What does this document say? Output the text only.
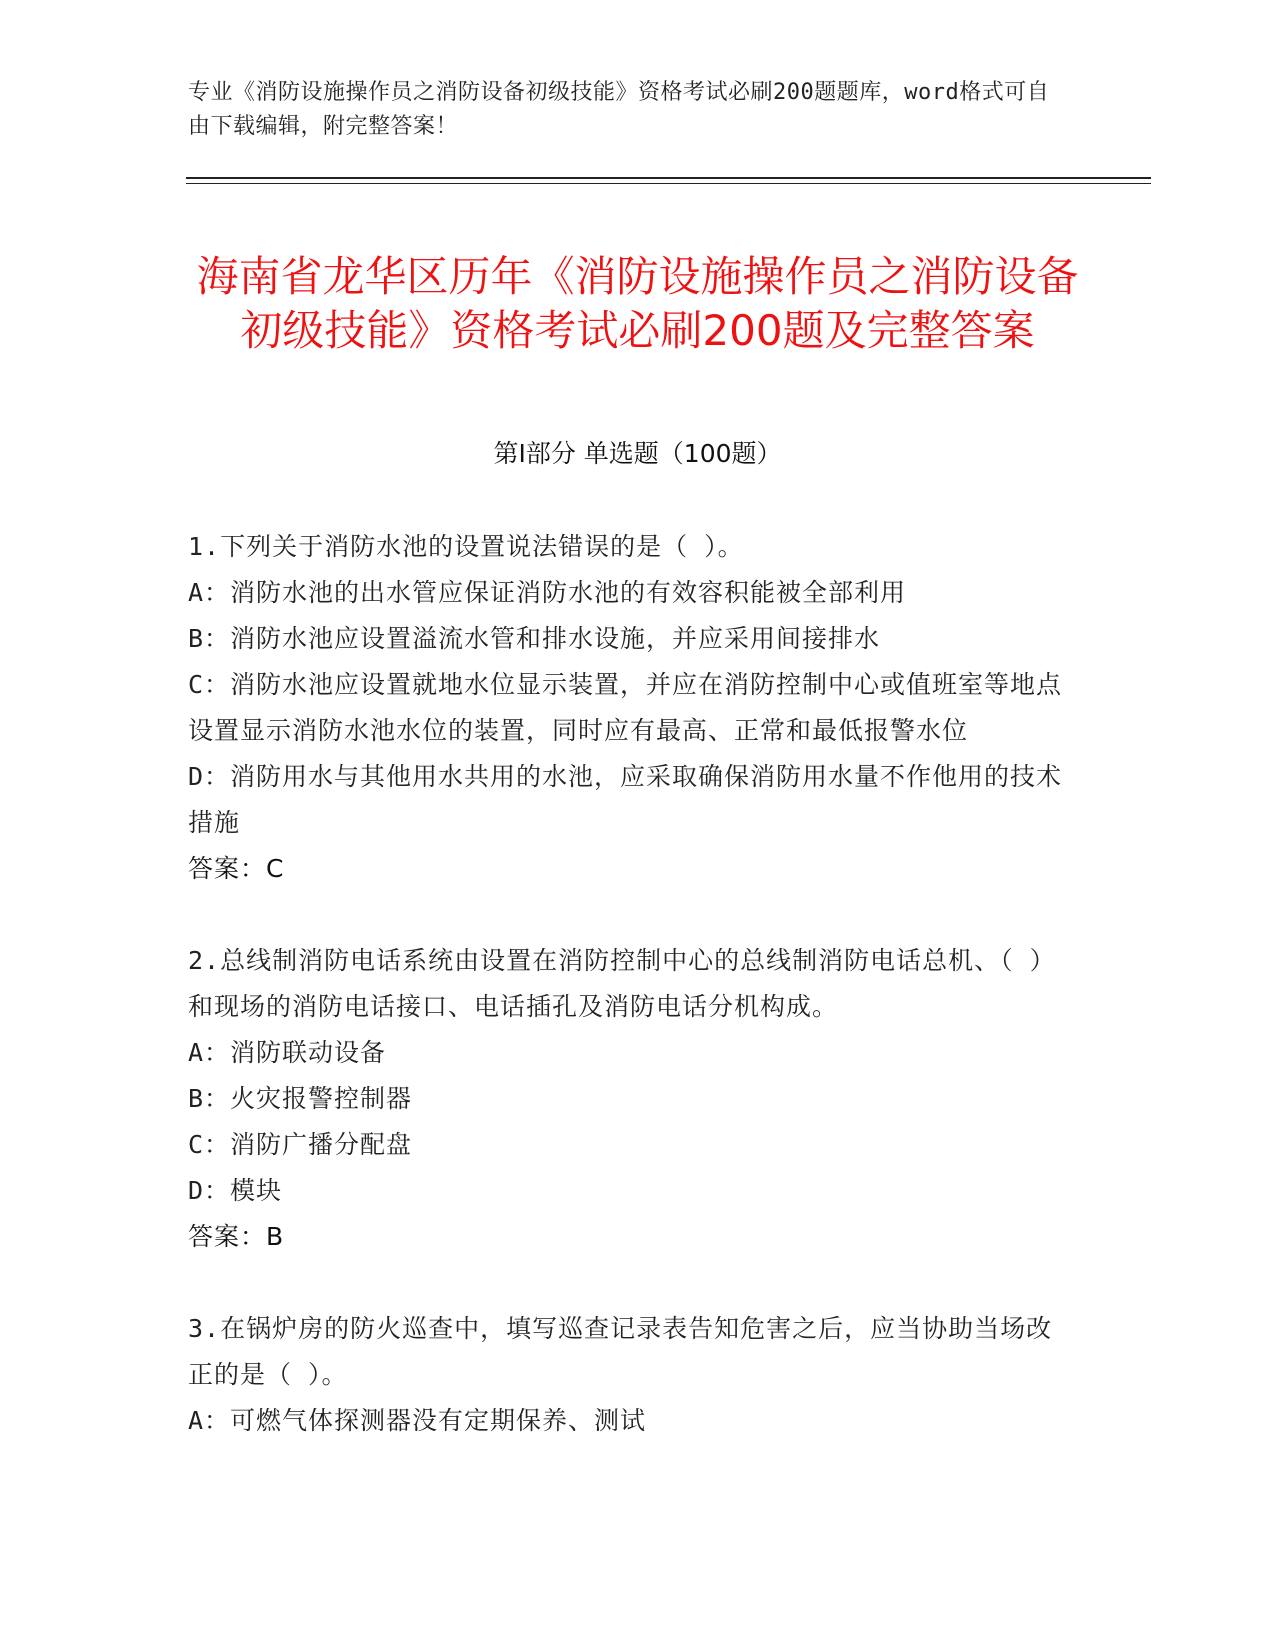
专业《消防设施操作员之消防设备初级技能》资格考试必刷200题题库，word格式可自由下载编辑，附完整答案！
海南省龙华区历年《消防设施操作员之消防设备初级技能》资格考试必刷200题及完整答案
第Ⅰ部分 单选题（100题）

1.下列关于消防水池的设置说法错误的是（ ）。

A：消防水池的出水管应保证消防水池的有效容积能被全部利用

B：消防水池应设置溢流水管和排水设施，并应采用间接排水

C：消防水池应设置就地水位显示装置，并应在消防控制中心或值班室等地点设置显示消防水池水位的装置，同时应有最高、正常和最低报警水位

D：消防用水与其他用水共用的水池，应采取确保消防用水量不作他用的技术措施

答案：C

2.总线制消防电话系统由设置在消防控制中心的总线制消防电话总机、（ ）和现场的消防电话接口、电话插孔及消防电话分机构成。

A：消防联动设备

B：火灾报警控制器

C：消防广播分配盘

D：模块

答案：B

3.在锅炉房的防火巡查中，填写巡查记录表告知危害之后，应当协助当场改正的是（ ）。

A：可燃气体探测器没有定期保养、测试
